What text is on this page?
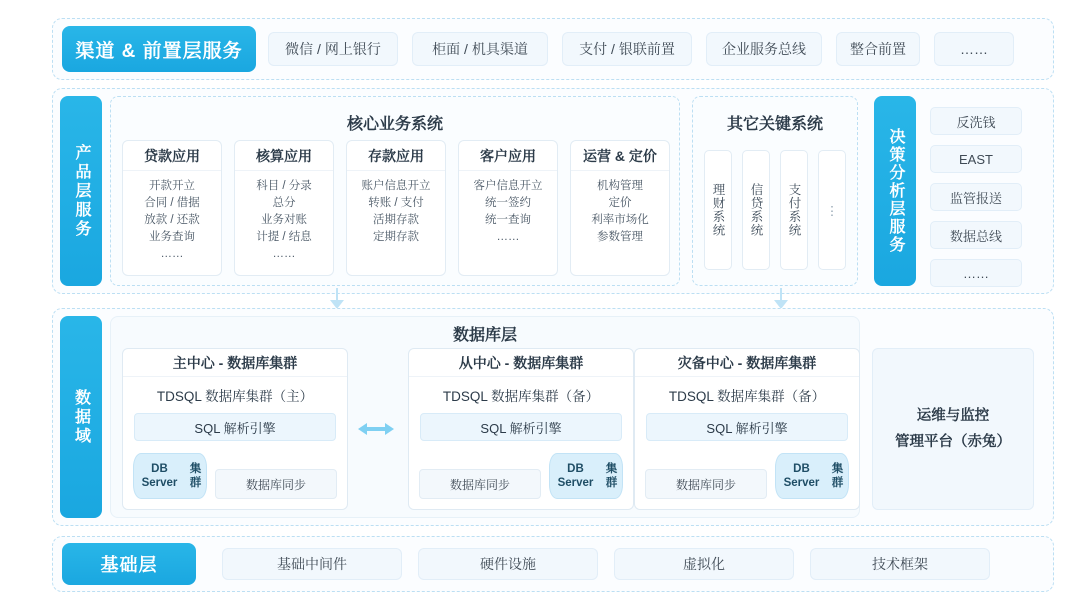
渠道 & 前置层服务	微信 / 网上银行	柜面 / 机具渠道	支付 / 银联前置	企业服务总线	整合前置	……
产品层服务
核心业务系统
贷款应用
开款开立
合同 / 借据
放款 / 还款
业务查询
……
核算应用
科目 / 分录
总分
业务对账
计提 / 结息
……
存款应用
账户信息开立
转账 / 支付
活期存款
定期存款
客户应用
客户信息开立
统一签约
统一查询
……
运营 & 定价
机构管理
定价
利率市场化
参数管理
其它关键系统
理财系统	信贷系统	支付系统	⋮	决策分析层服务
反洗钱
EAST
监管报送
数据总线
……
数据域
数据库层
主中心 - 数据库集群
TDSQL 数据库集群（主）
SQL 解析引擎
DB Server
集群	数据库同步
从中心 - 数据库集群
TDSQL 数据库集群（备）
SQL 解析引擎
数据库同步
DB Server
集群
灾备中心 - 数据库集群
TDSQL 数据库集群（备）
SQL 解析引擎
数据库同步
DB Server
集群
运维与监控
管理平台（赤兔）
基础层	基础中间件	硬件设施	虚拟化	技术框架
